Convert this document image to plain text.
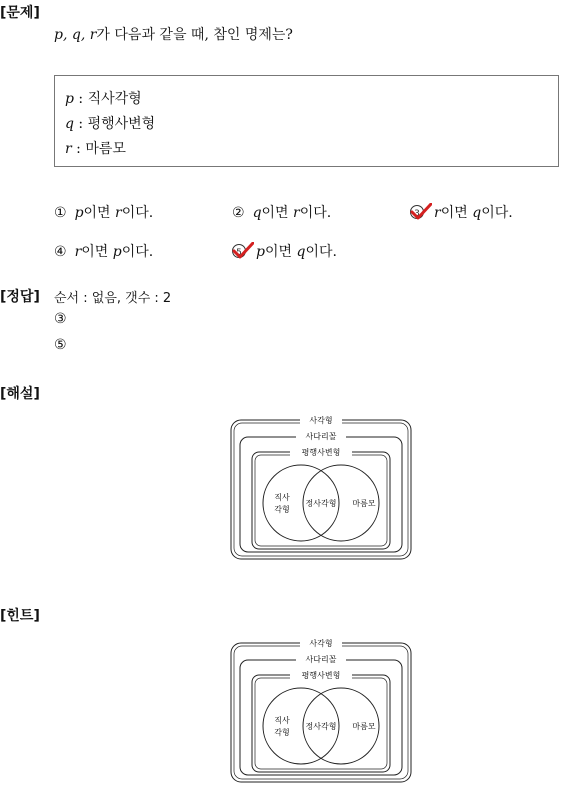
[문제]
p, q, r가 다음과 같을 때, 참인 명제는?
p : 직사각형
q : 평행사변형
r : 마름모
① p이면 r이다.	② q이면 r이다.	3 r이면 q이다.
④ r이면 p이다.	5 p이면 q이다.
[정답] 순서 : 없음, 갯수 : 2
③
⑤
[해설]
사각형
사다리꼴
평행사변형
직사
각형
정사각형 마름모
[힌트]
사각형
사다리꼴
평행사변형
직사
각형
정사각형 마름모
